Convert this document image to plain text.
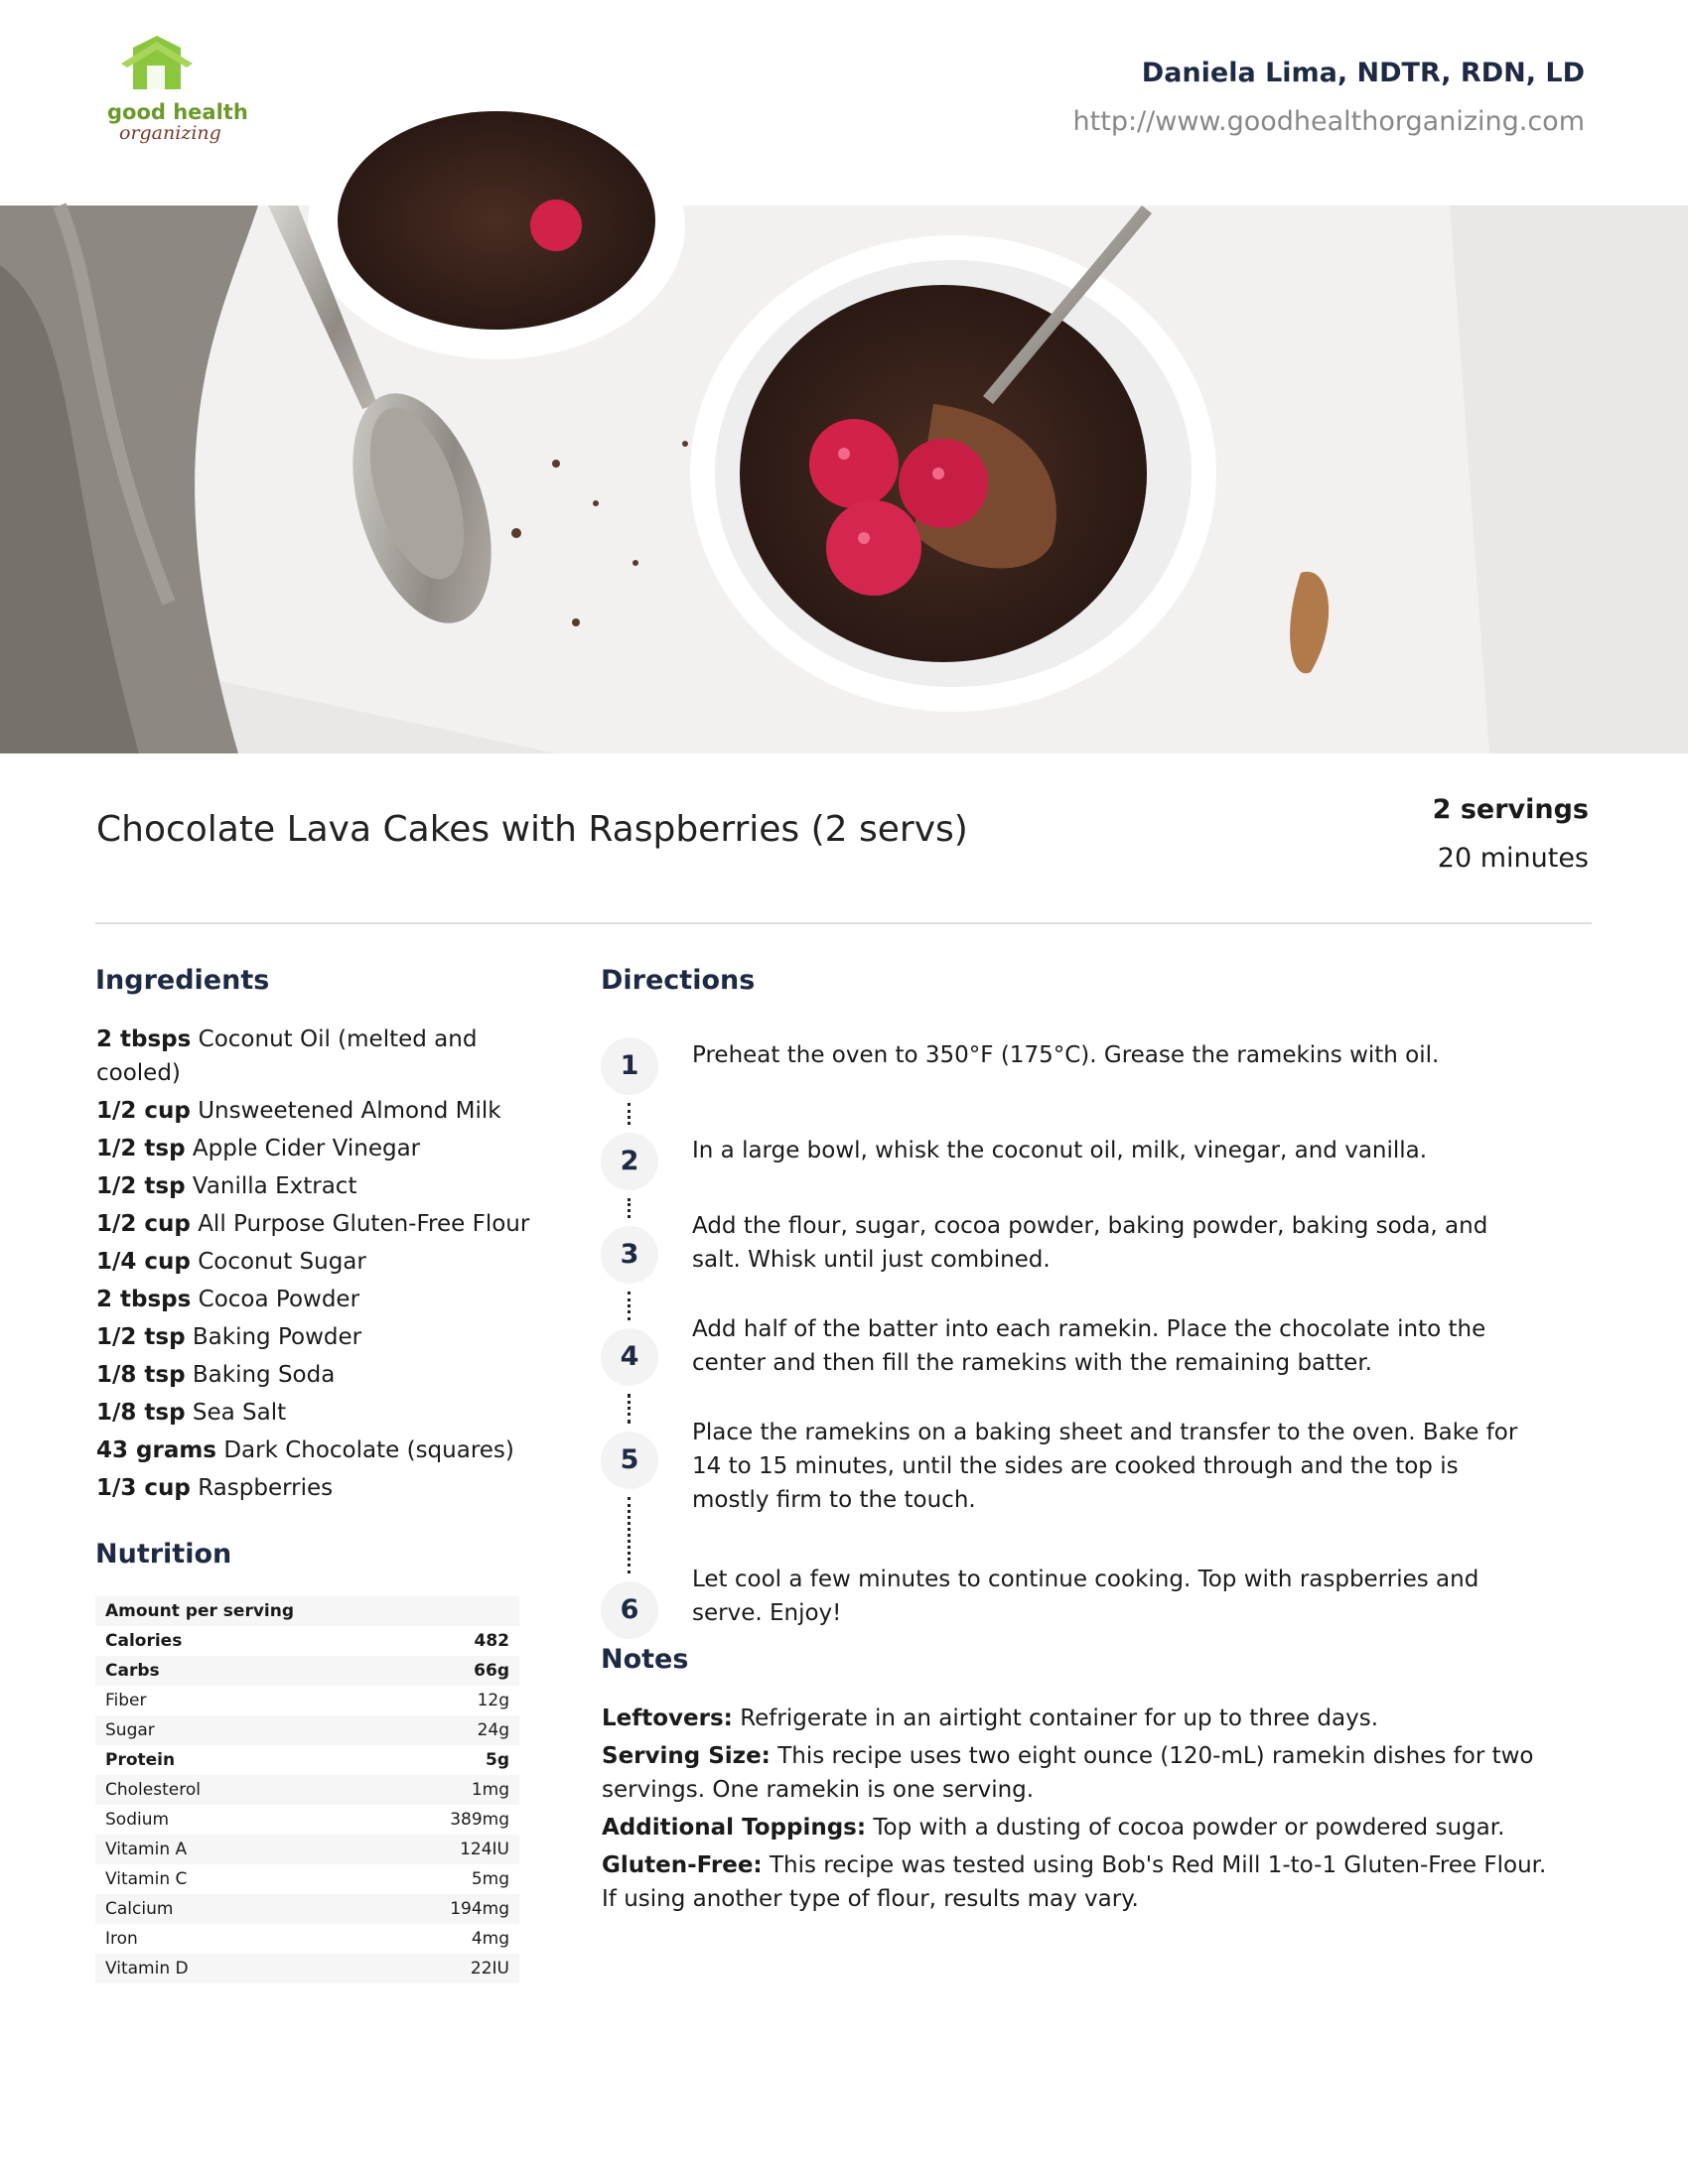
good health
organizing
Daniela Lima, NDTR, RDN, LD
http://www.goodhealthorganizing.com
Chocolate Lava Cakes with Raspberries (2 servs)	2 servings
20 minutes
Ingredients
2 tbsps Coconut Oil (melted and cooled)
1/2 cup Unsweetened Almond Milk
1/2 tsp Apple Cider Vinegar
1/2 tsp Vanilla Extract
1/2 cup All Purpose Gluten-Free Flour
1/4 cup Coconut Sugar
2 tbsps Cocoa Powder
1/2 tsp Baking Powder
1/8 tsp Baking Soda
1/8 tsp Sea Salt
43 grams Dark Chocolate (squares)
1/3 cup Raspberries
Nutrition
Amount per serving
Calories	482
Carbs	66g
Fiber	12g
Sugar	24g
Protein	5g
Cholesterol	1mg
Sodium	389mg
Vitamin A	124IU
Vitamin C	5mg
Calcium	194mg
Iron	4mg
Vitamin D	22IU
Directions
1	Preheat the oven to 350°F (175°C). Grease the ramekins with oil.
2	In a large bowl, whisk the coconut oil, milk, vinegar, and vanilla.
3
Add the flour, sugar, cocoa powder, baking powder, baking soda, and salt. Whisk until just combined.
4
Add half of the batter into each ramekin. Place the chocolate into the center and then fill the ramekins with the remaining batter.
5
Place the ramekins on a baking sheet and transfer to the oven. Bake for 14 to 15 minutes, until the sides are cooked through and the top is mostly firm to the touch.
6
Let cool a few minutes to continue cooking. Top with raspberries and serve. Enjoy!
Notes
Leftovers: Refrigerate in an airtight container for up to three days.
Serving Size: This recipe uses two eight ounce (120-mL) ramekin dishes for two servings. One ramekin is one serving.
Additional Toppings: Top with a dusting of cocoa powder or powdered sugar.
Gluten-Free: This recipe was tested using Bob's Red Mill 1-to-1 Gluten-Free Flour. If using another type of flour, results may vary.
